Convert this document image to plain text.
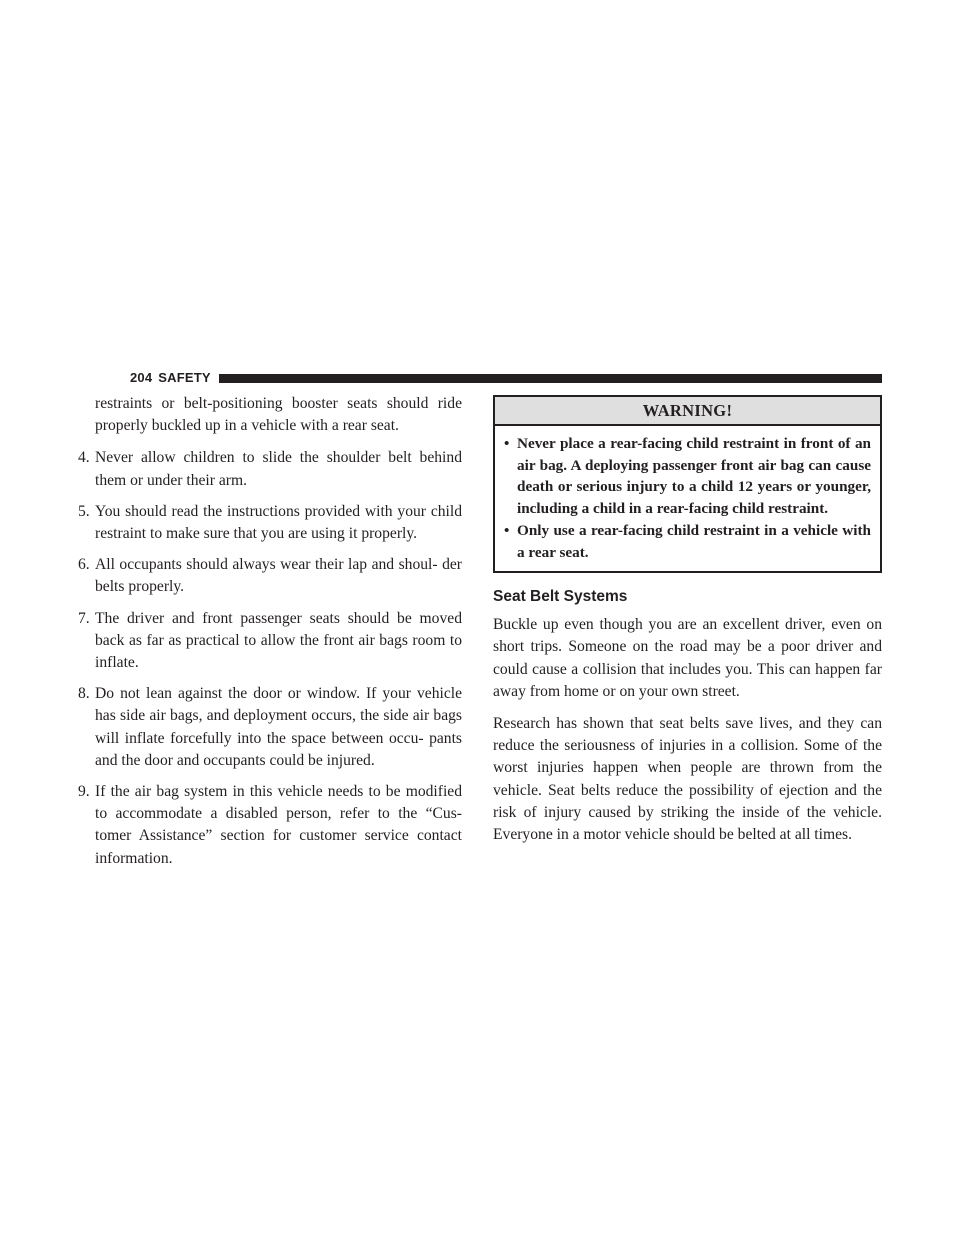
204 SAFETY

restraints or belt-positioning booster seats should ride properly buckled up in a vehicle with a rear seat.

4. Never allow children to slide the shoulder belt behind them or under their arm.
5. You should read the instructions provided with your child restraint to make sure that you are using it properly.
6. All occupants should always wear their lap and shoul- der belts properly.
7. The driver and front passenger seats should be moved back as far as practical to allow the front air bags room to inflate.
8. Do not lean against the door or window. If your vehicle has side air bags, and deployment occurs, the side air bags will inflate forcefully into the space between occu- pants and the door and occupants could be injured.
9. If the air bag system in this vehicle needs to be modified to accommodate a disabled person, refer to the “Cus- tomer Assistance” section for customer service contact information.
WARNING!
• Never place a rear-facing child restraint in front of an air bag. A deploying passenger front air bag can cause death or serious injury to a child 12 years or younger, including a child in a rear-facing child restraint.
• Only use a rear-facing child restraint in a vehicle with a rear seat.
Seat Belt Systems

Buckle up even though you are an excellent driver, even on short trips. Someone on the road may be a poor driver and could cause a collision that includes you. This can happen far away from home or on your own street.

Research has shown that seat belts save lives, and they can reduce the seriousness of injuries in a collision. Some of the worst injuries happen when people are thrown from the vehicle. Seat belts reduce the possibility of ejection and the risk of injury caused by striking the inside of the vehicle. Everyone in a motor vehicle should be belted at all times.
